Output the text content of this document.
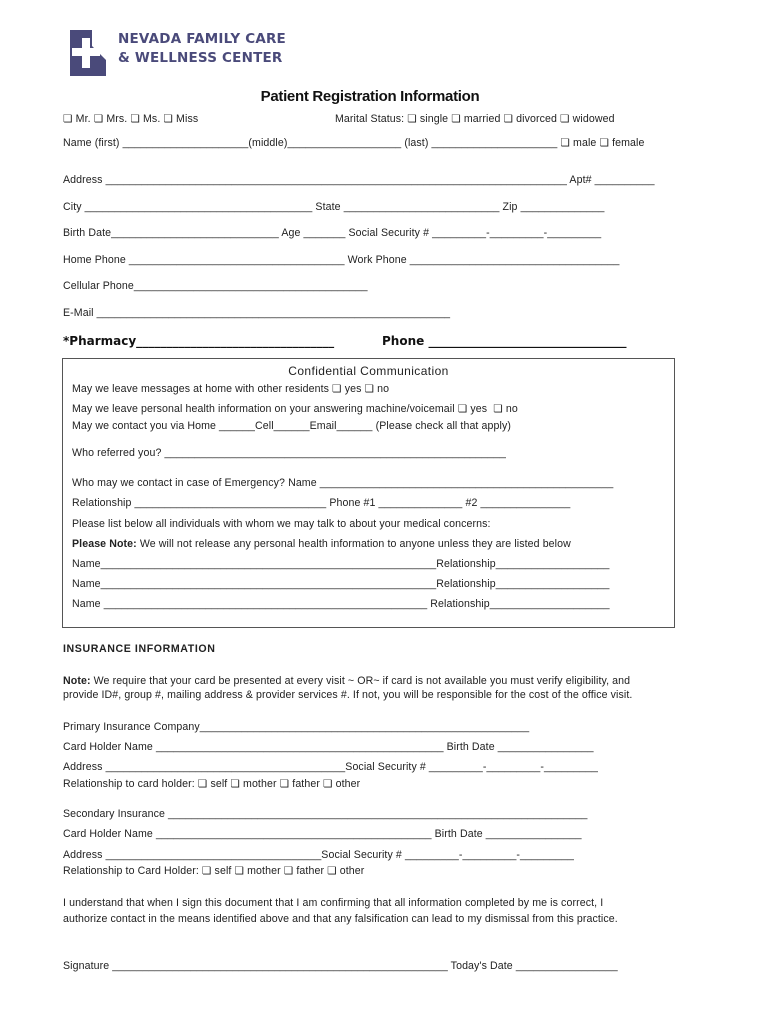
NEVADA FAMILY CARE
& WELLNESS CENTER
Patient Registration Information
❏ Mr. ❏ Mrs. ❏ Ms. ❏ Miss	Marital Status: ❏ single ❏ married ❏ divorced ❏ widowed
Name (first) _____________________(middle)___________________ (last) _____________________ ❏ male ❏ female
Address _____________________________________________________________________________ Apt# __________
City ______________________________________ State __________________________ Zip ______________
Birth Date____________________________ Age _______ Social Security # _________-_________-_________
Home Phone ____________________________________ Work Phone ___________________________________
Cellular Phone_______________________________________
E-Mail ___________________________________________________________
*Pharmacy_________________________________	Phone _________________________________
Confidential Communication
May we leave messages at home with other residents ❏ yes ❏ no
May we leave personal health information on your answering machine/voicemail ❏ yes  ❏ no
May we contact you via Home ______Cell______Email______ (Please check all that apply)
Who referred you? _________________________________________________________
Who may we contact in case of Emergency? Name _________________________________________________
Relationship ________________________________ Phone #1 ______________ #2 _______________
Please list below all individuals with whom we may talk to about your medical concerns:
Please Note: We will not release any personal health information to anyone unless they are listed below
Name________________________________________________________Relationship___________________
Name________________________________________________________Relationship___________________
Name ______________________________________________________ Relationship____________________
INSURANCE INFORMATION
Note: We require that your card be presented at every visit ~ OR~ if card is not available you must verify eligibility, and
provide ID#, group #, mailing address & provider services #. If not, you will be responsible for the cost of the office visit.
Primary Insurance Company_______________________________________________________
Card Holder Name ________________________________________________ Birth Date ________________
Address ________________________________________Social Security # _________-_________-_________
Relationship to card holder: ❏ self ❏ mother ❏ father ❏ other
Secondary Insurance ______________________________________________________________________
Card Holder Name ______________________________________________ Birth Date ________________
Address ____________________________________Social Security # _________-_________-_________
Relationship to Card Holder: ❏ self ❏ mother ❏ father ❏ other
I understand that when I sign this document that I am confirming that all information completed by me is correct, I
authorize contact in the means identified above and that any falsification can lead to my dismissal from this practice.
Signature ________________________________________________________ Today's Date _________________
